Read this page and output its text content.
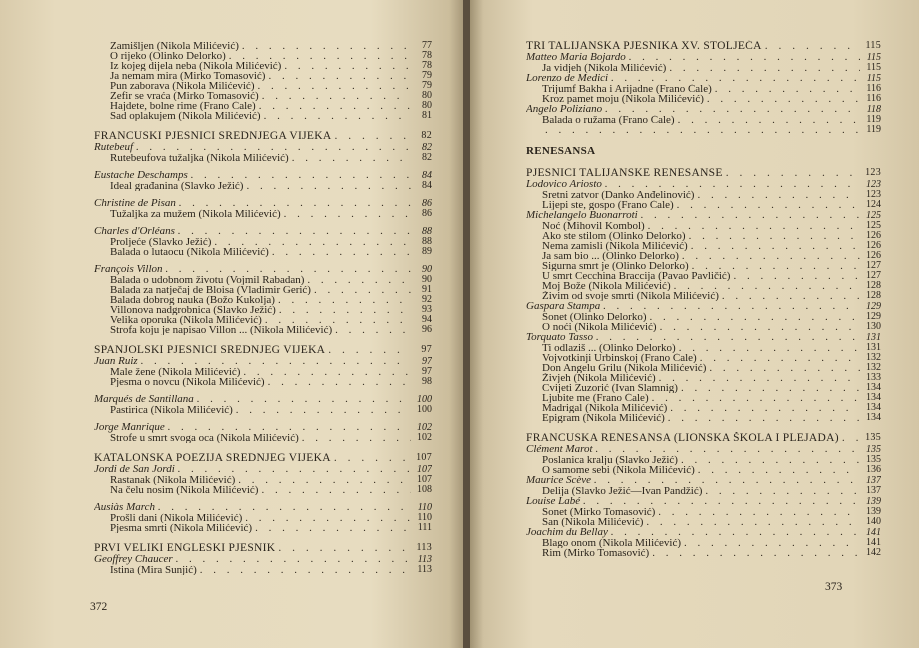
Zamišljen (Nikola Milićević) . . .	77
O rijeko (Olinko Delorko) . . .	78
Iz kojeg dijela neba (Nikola Milićević) . . .	78
Ja nemam mira (Mirko Tomasović) . . .	79
Pun zaborava (Nikola Milićević) . . .	79
Zefir se vraća (Mirko Tomasović) . . .	80
Hajdete, bolne rime (Frano Čale) . . .	80
Sad oplakujem (Nikola Milićević) . . .	81
FRANCUSKI PJESNICI SREDNJEGA VIJEKA . . .	82
Rutebeuf . . .	82
Rutebeufova tužaljka (Nikola Milićević) . . .	82
Eustache Deschamps . . .	84
Ideal građanina (Slavko Ježić) . . .	84
Christine de Pisan . . .	86
Tužaljka za mužem (Nikola Milićević) . . .	86
Charles d'Orléans . . .	88
Proljeće (Slavko Ježić) . . .	88
Balada o lutaocu (Nikola Milićević) . . .	89
François Villon . . .	90
Balada o udobnom životu (Vojmil Rabadan) . . .	90
Balada za natječaj de Bloisa (Vladimir Gerić) . . .	91
Balada dobrog nauka (Božo Kukolja) . . .	92
Villonova nadgrobnica (Slavko Ježić) . . .	93
Velika oporuka (Nikola Milićević) . . .	94
Strofa koju je napisao Villon ... (Nikola Milićević) . . .	96
SPANJOLSKI PJESNICI SREDNJEG VIJEKA . . .	97
Juan Ruiz . . .	97
Male žene (Nikola Milićević) . . .	97
Pjesma o novcu (Nikola Milićević) . . .	98
Marqués de Santillana . . .	100
Pastirica (Nikola Milićević) . . .	100
Jorge Manrique . . .	102
Strofe u smrt svoga oca (Nikola Milićević) . . .	102
KATALONSKA POEZIJA SREDNJEG VIJEKA . . .	107
Jordi de San Jordi . . .	107
Rastanak (Nikola Milićević) . . .	107
Na čelu nosim (Nikola Milićević) . . .	108
Ausiàs March . . .	110
Prošli dani (Nikola Milićević) . . .	110
Pjesma smrti (Nikola Milićević) . . .	111
PRVI VELIKI ENGLESKI PJESNIK . . .	113
Geoffrey Chaucer . . .	113
Istina (Mira Sunjić) . . .	113
372
TRI TALIJANSKA PJESNIKA XV. STOLJEĆA . . .	115
Matteo Maria Bojardo . . .	115
Ja vidjeh (Nikola Milićević) . . .	115
Lorenzo de Medici . . .	115
Trijumf Bakha i Arijadne (Frano Čale) . . .	116
Kroz pamet moju (Nikola Milićević) . . .	116
Angelo Poliziano . . .	118
Balada o ružama (Frano Čale) . . .	119
. . .
119
RENESANSA
PJESNICI TALIJANSKE RENESANSE . . .	123
Lodovico Ariosto . . .	123
Sretni zatvor (Danko Anđelinović) . . .	123
Lijepi ste, gospo (Frano Čale) . . .	124
Michelangelo Buonarroti . . .	125
Noć (Mihovil Kombol) . . .	125
Ako ste stilom (Olinko Delorko) . . .	126
Nema zamisli (Nikola Milićević) . . .	126
Ja sam bio ... (Olinko Delorko) . . .	126
Sigurna smrt je (Olinko Delorko) . . .	127
U smrt Cecchina Braccija (Pavao Pavličić) . . .	127
Moj Bože (Nikola Milićević) . . .	128
Živim od svoje smrti (Nikola Milićević) . . .	128
Gaspara Stampa . . .	129
Sonet (Olinko Delorko) . . .	129
O noći (Nikola Milićević) . . .	130
Torquato Tasso . . .	131
Ti odlaziš ... (Olinko Delorko) . . .	131
Vojvotkinji Urbinskoj (Frano Čale) . . .	132
Don Angelu Grilu (Nikola Milićević) . . .	132
Živjeh (Nikola Milićević) . . .	133
Cvijeti Zuzorić (Ivan Slamnig) . . .	134
Ljubite me (Frano Čale) . . .	134
Madrigal (Nikola Milićević) . . .	134
Epigram (Nikola Milićević) . . .	134
FRANCUSKA RENESANSA (LIONSKA ŠKOLA I PLEJADA) . . .	135
Clément Marot . . .	135
Poslanica kralju (Slavko Ježić) . . .	135
O samome sebi (Nikola Milićević) . . .	136
Maurice Scève . . .	137
Delija (Slavko Ježić—Ivan Pandžić) . . .	137
Louise Labé . . .	139
Sonet (Mirko Tomasović) . . .	139
San (Nikola Milićević) . . .	140
Joachim du Bellay . . .	141
Blago onom (Nikola Milićević) . . .	141
Rim (Mirko Tomasović) . . .	142
373
